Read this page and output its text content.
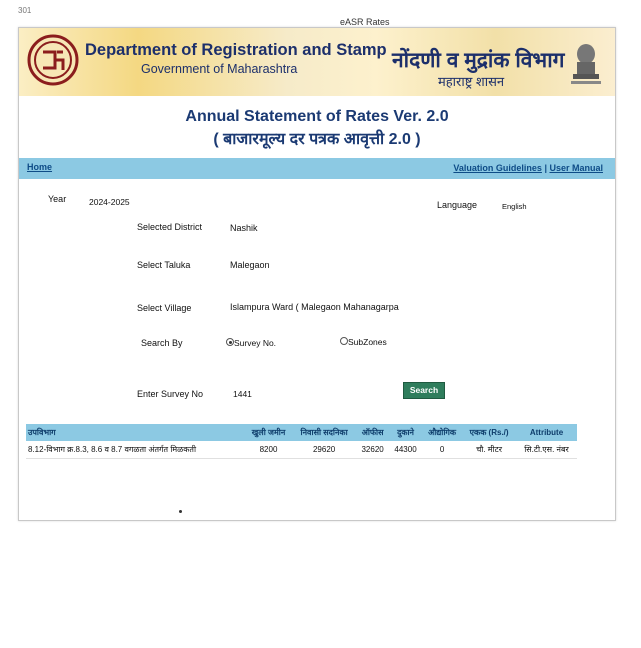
301
eASR Rates
Department of Registration and Stamp
Government of Maharashtra	नोंदणी व मुद्रांक विभाग
महाराष्ट्र शासन
Annual Statement of Rates Ver. 2.0
( बाजारमूल्य दर पत्रक आवृत्ती 2.0 )
Home	Valuation Guidelines | User Manual
Year	2024-2025	Language	English
Selected District	Nashik
Select Taluka	Malegaon
Select Village	Islampura Ward ( Malegaon Mahanagarpa
Search By	Survey No.	SubZones
Enter Survey No	1441	Search
उपविभाग	खुली जमीन	निवासी सदनिका	ऑफीस	दुकाने	औद्योगिक	एकक (Rs./)	Attribute
8.12-विभाग क्र.8.3, 8.6 व 8.7 वगळता अंतर्गत मिळकती	8200	29620	32620	44300	0	चौ. मीटर	सि.टी.एस. नंबर
